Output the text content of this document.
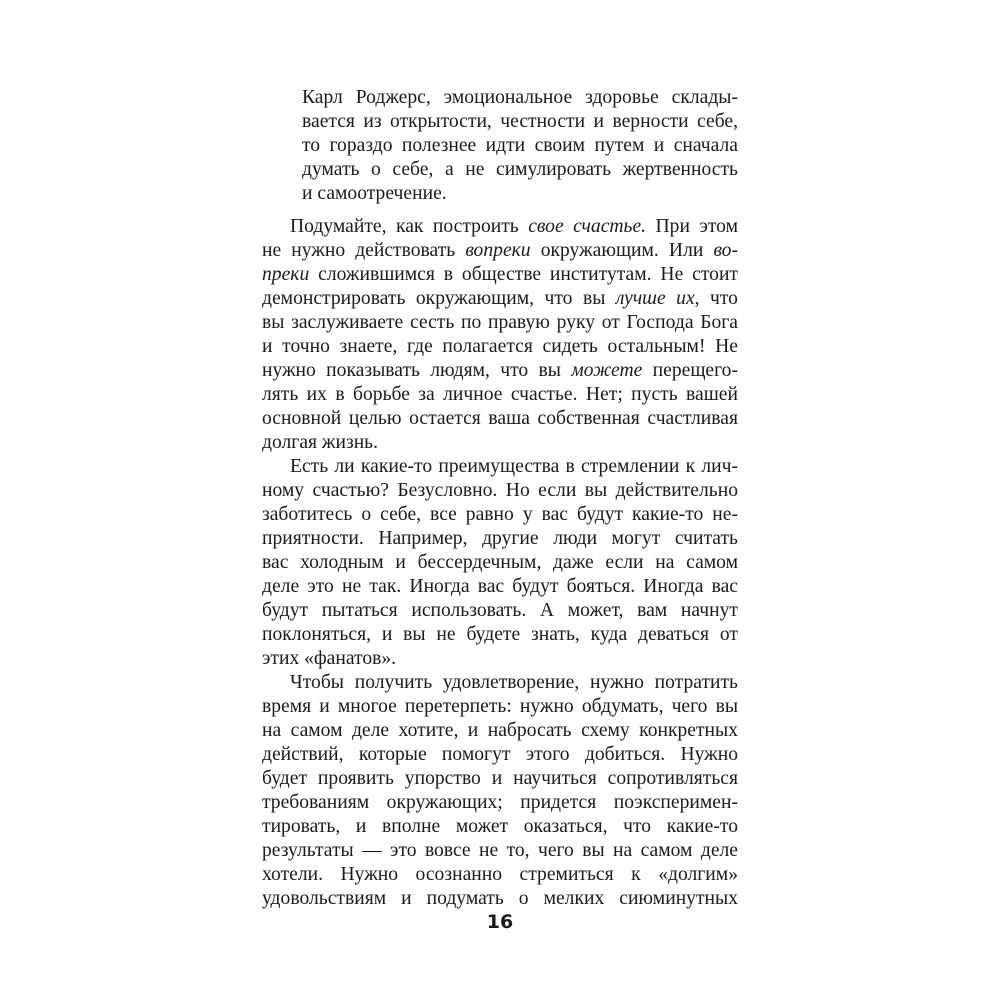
Карл Роджерс, эмоциональное здоровье склады-
вается из открытости, честности и верности себе,
то гораздо полезнее идти своим путем и сначала
думать о себе, а не симулировать жертвенность
и самоотречение.
Подумайте, как построить свое счастье. При этом
не нужно действовать вопреки окружающим. Или во-
преки сложившимся в обществе институтам. Не стоит
демонстрировать окружающим, что вы лучше их, что
вы заслуживаете сесть по правую руку от Господа Бога
и точно знаете, где полагается сидеть остальным! Не
нужно показывать людям, что вы можете перещего-
лять их в борьбе за личное счастье. Нет; пусть вашей
основной целью остается ваша собственная счастливая
долгая жизнь.
Есть ли какие-то преимущества в стремлении к лич-
ному счастью? Безусловно. Но если вы действительно
заботитесь о себе, все равно у вас будут какие-то не-
приятности. Например, другие люди могут считать
вас холодным и бессердечным, даже если на самом
деле это не так. Иногда вас будут бояться. Иногда вас
будут пытаться использовать. А может, вам начнут
поклоняться, и вы не будете знать, куда деваться от
этих «фанатов».
Чтобы получить удовлетворение, нужно потратить
время и многое перетерпеть: нужно обдумать, чего вы
на самом деле хотите, и набросать схему конкретных
действий, которые помогут этого добиться. Нужно
будет проявить упорство и научиться сопротивляться
требованиям окружающих; придется поэксперимен-
тировать, и вполне может оказаться, что какие-то
результаты — это вовсе не то, чего вы на самом деле
хотели. Нужно осознанно стремиться к «долгим»
удовольствиям и подумать о мелких сиюминутных
16
